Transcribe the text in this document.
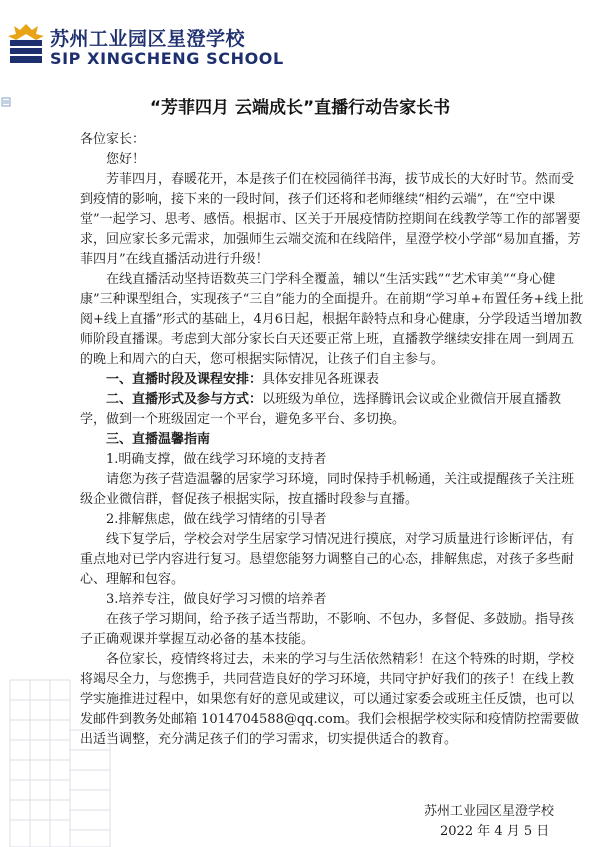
苏州工业园区星澄学校
SIP XINGCHENG SCHOOL
“芳菲四月 云端成长”直播行动告家长书

各位家长：

您好！

芳菲四月，春暖花开，本是孩子们在校园徜徉书海，拔节成长的大好时节。然而受到疫情的影响，接下来的一段时间，孩子们还将和老师继续“相约云端”，在“空中课堂”一起学习、思考、感悟。根据市、区关于开展疫情防控期间在线教学等工作的部署要求，回应家长多元需求，加强师生云端交流和在线陪伴，星澄学校小学部“易加直播，芳菲四月”在线直播活动进行升级！

在线直播活动坚持语数英三门学科全覆盖，辅以“生活实践”“艺术审美”“身心健康”三种课型组合，实现孩子“三自”能力的全面提升。在前期“学习单+布置任务+线上批阅+线上直播”形式的基础上，4月6日起，根据年龄特点和身心健康，分学段适当增加教师阶段直播课。考虑到大部分家长白天还要正常上班，直播教学继续安排在周一到周五的晚上和周六的白天，您可根据实际情况，让孩子们自主参与。

一、直播时段及课程安排：具体安排见各班课表

二、直播形式及参与方式：以班级为单位，选择腾讯会议或企业微信开展直播教学，做到一个班级固定一个平台，避免多平台、多切换。

三、直播温馨指南

1.明确支撑，做在线学习环境的支持者

请您为孩子营造温馨的居家学习环境，同时保持手机畅通，关注或提醒孩子关注班级企业微信群，督促孩子根据实际，按直播时段参与直播。

2.排解焦虑，做在线学习情绪的引导者

线下复学后，学校会对学生居家学习情况进行摸底，对学习质量进行诊断评估，有重点地对已学内容进行复习。恳望您能努力调整自己的心态，排解焦虑，对孩子多些耐心、理解和包容。

3.培养专注，做良好学习习惯的培养者

在孩子学习期间，给予孩子适当帮助，不影响、不包办，多督促、多鼓励。指导孩子正确观课并掌握互动必备的基本技能。

各位家长，疫情终将过去，未来的学习与生活依然精彩！在这个特殊的时期，学校将竭尽全力，与您携手，共同营造良好的学习环境，共同守护好我们的孩子！在线上教学实施推进过程中，如果您有好的意见或建议，可以通过家委会或班主任反馈，也可以发邮件到教务处邮箱 1014704588@qq.com。我们会根据学校实际和疫情防控需要做出适当调整，充分满足孩子们的学习需求，切实提供适合的教育。

苏州工业园区星澄学校

2022 年 4 月 5 日
